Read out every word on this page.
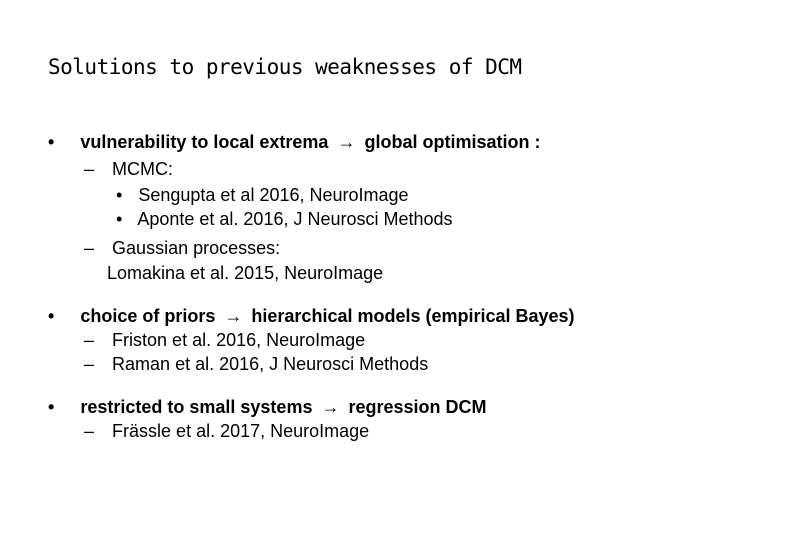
Solutions to previous weaknesses of DCM
• vulnerability to local extrema → global optimisation :
– MCMC:
• Sengupta et al 2016, NeuroImage
• Aponte et al. 2016, J Neurosci Methods
– Gaussian processes:
Lomakina et al. 2015, NeuroImage
• choice of priors → hierarchical models (empirical Bayes)
– Friston et al. 2016, NeuroImage
– Raman et al. 2016, J Neurosci Methods
• restricted to small systems → regression DCM
– Frässle et al. 2017, NeuroImage
